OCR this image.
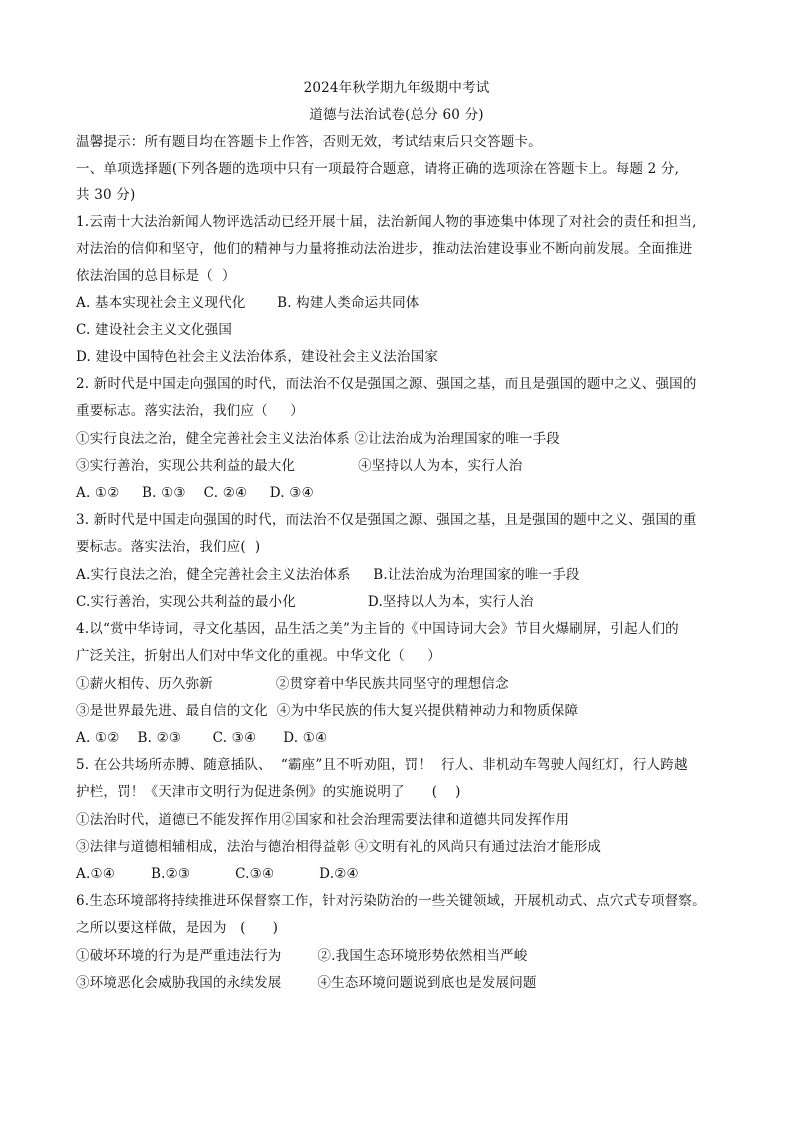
2024年秋学期九年级期中考试
道德与法治试卷(总分 60 分)
温馨提示：所有题目均在答题卡上作答，否则无效，考试结束后只交答题卡。
一、单项选择题(下列各题的选项中只有一项最符合题意，请将正确的选项涂在答题卡上。每题 2 分,
共 30 分)
1.云南十大法治新闻人物评选活动已经开展十届，法治新闻人物的事迹集中体现了对社会的责任和担当,
对法治的信仰和坚守，他们的精神与力量将推动法治进步，推动法治建设事业不断向前发展。全面推进
依法治国的总目标是（  ）
A. 基本实现社会主义现代化       B. 构建人类命运共同体
C. 建设社会主义文化强国
D. 建设中国特色社会主义法治体系，建设社会主义法治国家
2. 新时代是中国走向强国的时代，而法治不仅是强国之源、强国之基，而且是强国的题中之义、强国的
重要标志。落实法治，我们应（     ）
①实行良法之治，健全完善社会主义法治体系 ②让法治成为治理国家的唯一手段
③实行善治，实现公共利益的最大化              ④坚持以人为本，实行人治
A. ①②     B. ①③    C. ②④     D. ③④
3. 新时代是中国走向强国的时代，而法治不仅是强国之源、强国之基，且是强国的题中之义、强国的重
要标志。落实法治，我们应(  )
A.实行良法之治，健全完善社会主义法治体系     B.让法治成为治理国家的唯一手段
C.实行善治，实现公共利益的最小化                D.坚持以人为本，实行人治
4.以“赏中华诗词，寻文化基因，品生活之美”为主旨的《中国诗词大会》节目火爆刷屏，引起人们的
广泛关注，折射出人们对中华文化的重视。中华文化（     ）
①薪火相传、历久弥新              ②贯穿着中华民族共同坚守的理想信念
③是世界最先进、最自信的文化  ④为中华民族的伟大复兴提供精神动力和物质保障
A. ①②    B. ②③       C. ③④      D. ①④
5. 在公共场所赤膊、随意插队、  “霸座”且不听劝阻，罚！  行人、非机动车驾驶人闯红灯，行人跨越
护栏，罚！《天津市文明行为促进条例》的实施说明了      (    )
①法治时代，道德已不能发挥作用②国家和社会治理需要法律和道德共同发挥作用
③法律与道德相辅相成，法治与德治相得益彰 ④文明有礼的风尚只有通过法治才能形成
A.①④        B.②③          C.③④          D.②④
6.生态环境部将持续推进环保督察工作，针对污染防治的一些关键领域，开展机动式、点穴式专项督察。
之所以要这样做，是因为   (      )
①破坏环境的行为是严重违法行为        ②.我国生态环境形势依然相当严峻
③环境恶化会威胁我国的永续发展        ④生态环境问题说到底也是发展问题
